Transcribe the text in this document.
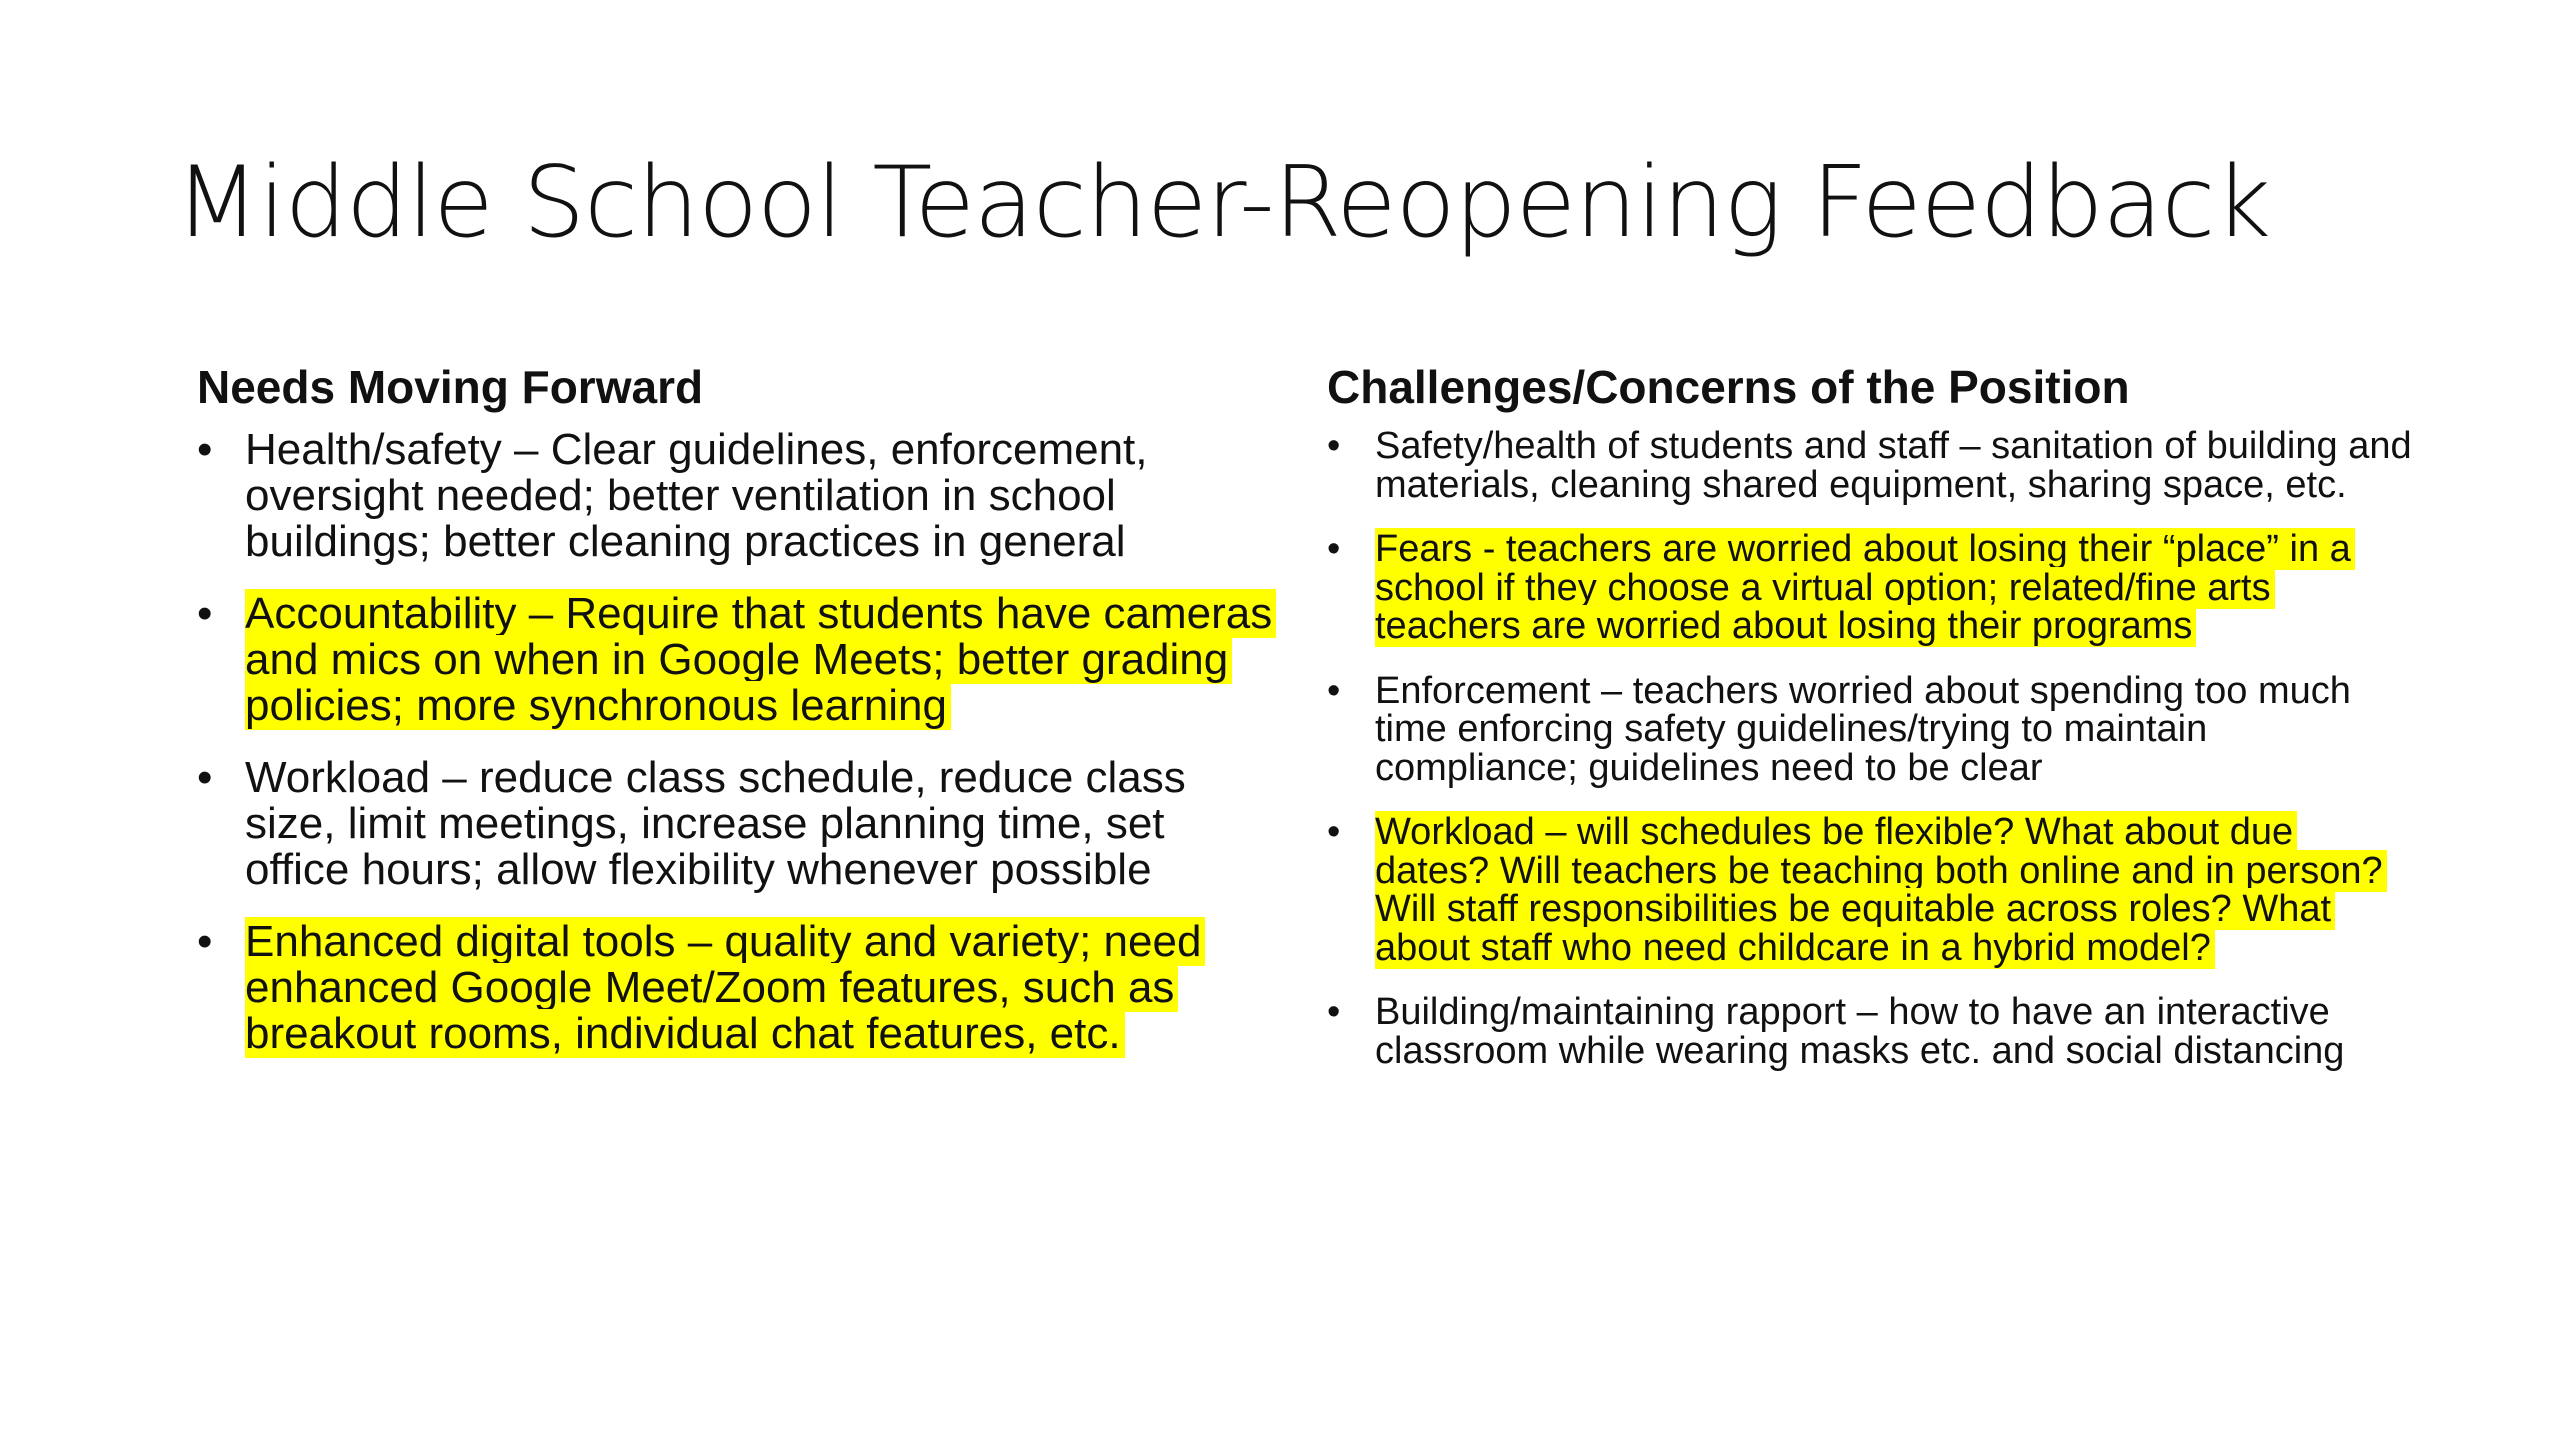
Middle School Teacher-Reopening Feedback
Needs Moving Forward
• Health/safety – Clear guidelines, enforcement, oversight needed; better ventilation in school buildings; better cleaning practices in general
• Accountability – Require that students have cameras and mics on when in Google Meets; better grading policies; more synchronous learning
• Workload – reduce class schedule, reduce class size, limit meetings, increase planning time, set office hours; allow flexibility whenever possible
• Enhanced digital tools – quality and variety; need enhanced Google Meet/Zoom features, such as breakout rooms, individual chat features, etc.
Challenges/Concerns of the Position
• Safety/health of students and staff – sanitation of building and materials, cleaning shared equipment, sharing space, etc.
• Fears - teachers are worried about losing their “place” in a school if they choose a virtual option; related/fine arts teachers are worried about losing their programs
• Enforcement – teachers worried about spending too much time enforcing safety guidelines/trying to maintain compliance; guidelines need to be clear
• Workload – will schedules be flexible? What about due dates? Will teachers be teaching both online and in person? Will staff responsibilities be equitable across roles? What about staff who need childcare in a hybrid model?
• Building/maintaining rapport – how to have an interactive classroom while wearing masks etc. and social distancing
